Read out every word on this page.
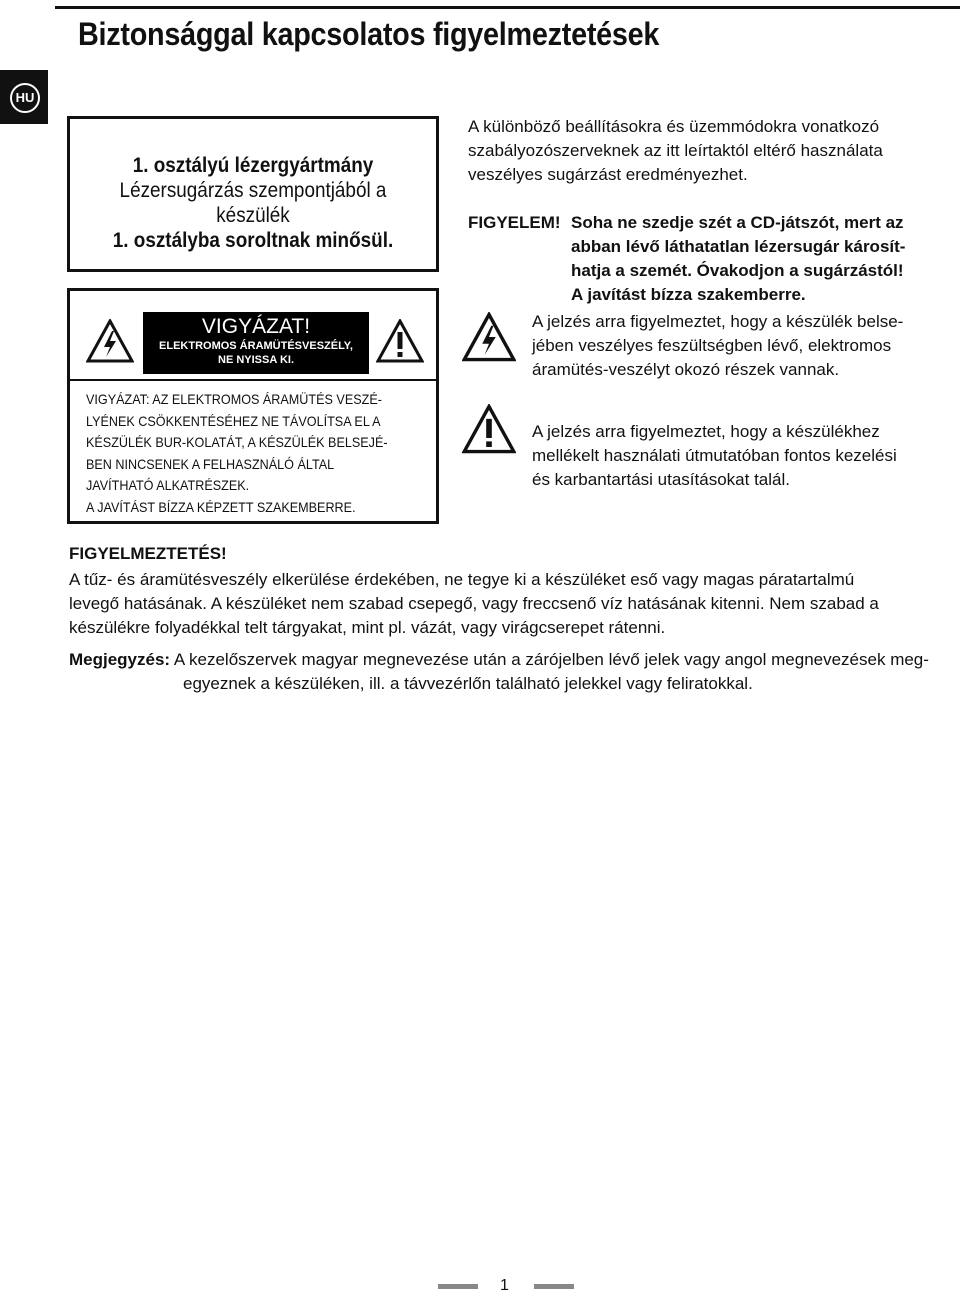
Biztonsággal kapcsolatos figyelmeztetések
HU
1. osztályú lézergyártmány
Lézersugárzás szempontjából a készülék
1. osztályba soroltnak minősül.
VIGYÁZAT!
ELEKTROMOS ÁRAMÜTÉSVESZÉLY,
NE NYISSA KI.
VIGYÁZAT: AZ ELEKTROMOS ÁRAMÜTÉS VESZÉ-
LYÉNEK CSÖKKENTÉSÉHEZ NE TÁVOLÍTSA EL A
KÉSZÜLÉK BUR-KOLATÁT, A KÉSZÜLÉK BELSEJÉ-
BEN NINCSENEK A FELHASZNÁLÓ ÁLTAL
JAVÍTHATÓ ALKATRÉSZEK.
A JAVÍTÁST BÍZZA KÉPZETT SZAKEMBERRE.
A különböző beállításokra és üzemmódokra vonatkozó
szabályozószerveknek az itt leírtaktól eltérő használata
veszélyes sugárzást eredményezhet.
FIGYELEM! Soha ne szedje szét a CD-játszót, mert az

abban lévő láthatatlan lézersugár károsít-

hatja a szemét. Óvakodjon a sugárzástól!

A javítást bízza szakemberre.

A jelzés arra figyelmeztet, hogy a készülék belse-
jében veszélyes feszültségben lévő, elektromos
áramütés-veszélyt okozó részek vannak.
A jelzés arra figyelmeztet, hogy a készülékhez
mellékelt használati útmutatóban fontos kezelési
és karbantartási utasításokat talál.
FIGYELMEZTETÉS!
A tűz- és áramütésveszély elkerülése érdekében, ne tegye ki a készüléket eső vagy magas páratartalmú
levegő hatásának. A készüléket nem szabad csepegő, vagy freccsenő víz hatásának kitenni. Nem szabad a
készülékre folyadékkal telt tárgyakat, mint pl. vázát, vagy virágcserepet rátenni.
Megjegyzés: A kezelőszervek magyar megnevezése után a zárójelben lévő jelek vagy angol megnevezések meg-
egyeznek a készüléken, ill. a távvezérlőn található jelekkel vagy feliratokkal.
1
